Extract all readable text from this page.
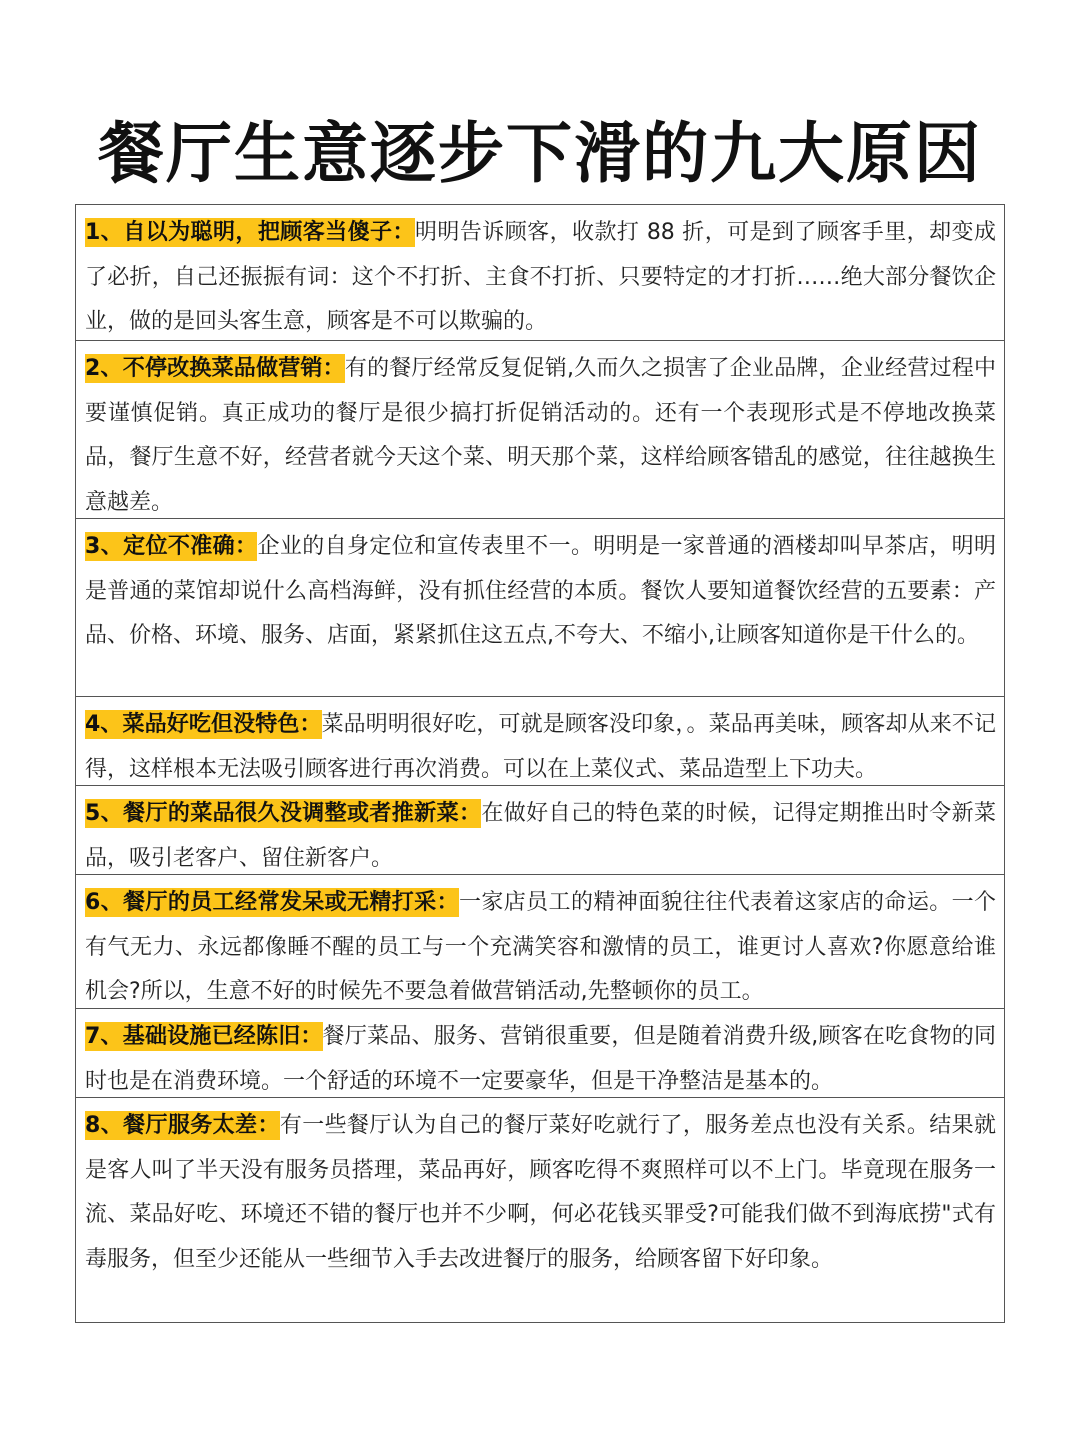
餐厅生意逐步下滑的九大原因
1、自以为聪明，把顾客当傻子：明明告诉顾客，收款打 88 折，可是到了顾客手里，却变成了必折，自己还振振有词：这个不打折、主食不打折、只要特定的才打折……绝大部分餐饮企业，做的是回头客生意，顾客是不可以欺骗的。
2、不停改换菜品做营销：有的餐厅经常反复促销,久而久之损害了企业品牌，企业经营过程中要谨慎促销。真正成功的餐厅是很少搞打折促销活动的。还有一个表现形式是不停地改换菜品，餐厅生意不好，经营者就今天这个菜、明天那个菜，这样给顾客错乱的感觉，往往越换生意越差。
3、定位不准确：企业的自身定位和宣传表里不一。明明是一家普通的酒楼却叫早茶店，明明是普通的菜馆却说什么高档海鲜，没有抓住经营的本质。餐饮人要知道餐饮经营的五要素：产品、价格、环境、服务、店面，紧紧抓住这五点,不夸大、不缩小,让顾客知道你是干什么的。
4、菜品好吃但没特色：菜品明明很好吃，可就是顾客没印象，。菜品再美味，顾客却从来不记得，这样根本无法吸引顾客进行再次消费。可以在上菜仪式、菜品造型上下功夫。
5、餐厅的菜品很久没调整或者推新菜：在做好自己的特色菜的时候，记得定期推出时令新菜品，吸引老客户、留住新客户。
6、餐厅的员工经常发呆或无精打采：一家店员工的精神面貌往往代表着这家店的命运。一个有气无力、永远都像睡不醒的员工与一个充满笑容和激情的员工，谁更讨人喜欢?你愿意给谁机会?所以，生意不好的时候先不要急着做营销活动,先整顿你的员工。
7、基础设施已经陈旧：餐厅菜品、服务、营销很重要，但是随着消费升级,顾客在吃食物的同时也是在消费环境。一个舒适的环境不一定要豪华，但是干净整洁是基本的。
8、餐厅服务太差：有一些餐厅认为自己的餐厅菜好吃就行了，服务差点也没有关系。结果就是客人叫了半天没有服务员搭理，菜品再好，顾客吃得不爽照样可以不上门。毕竟现在服务一流、菜品好吃、环境还不错的餐厅也并不少啊，何必花钱买罪受?可能我们做不到海底捞"式有毒服务，但至少还能从一些细节入手去改进餐厅的服务，给顾客留下好印象。
